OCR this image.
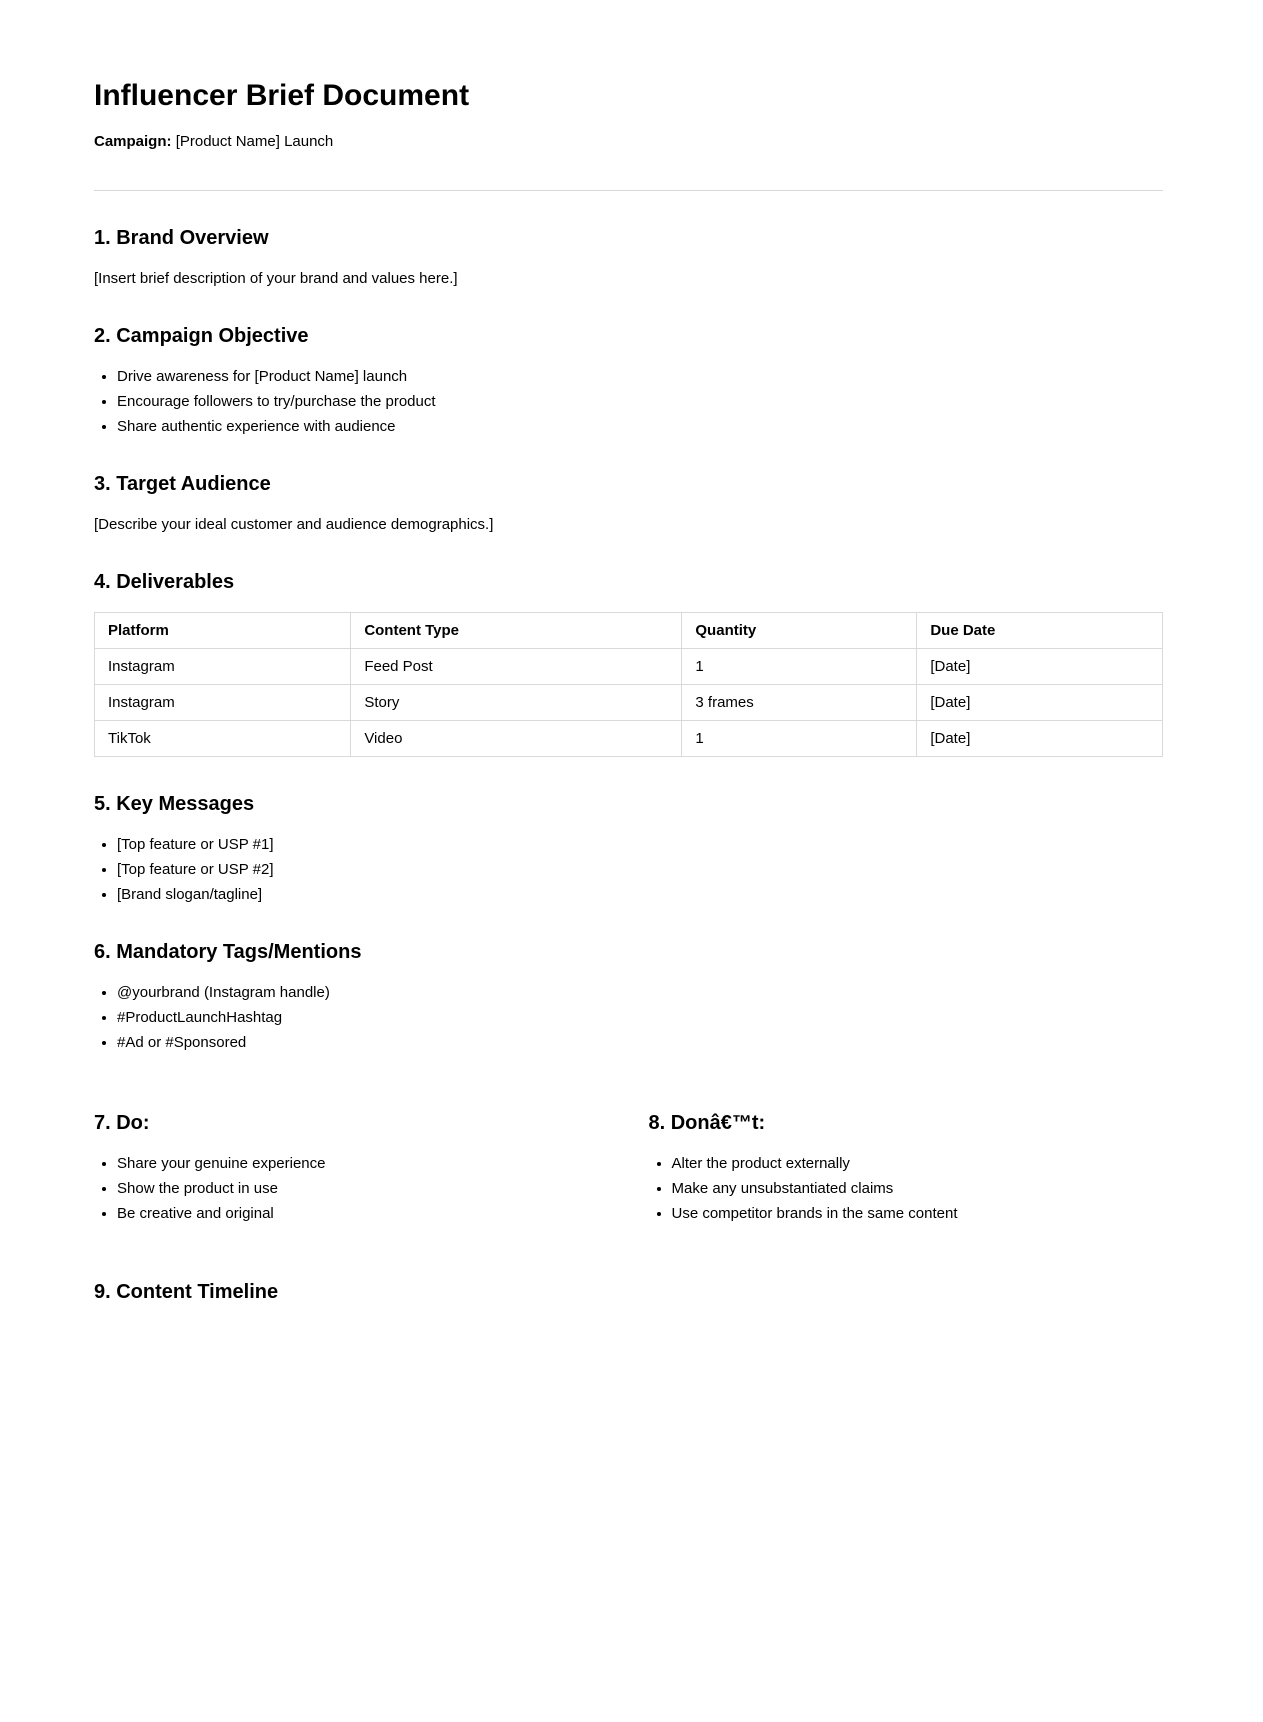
Influencer Brief Document

Campaign: [Product Name] Launch

1. Brand Overview

[Insert brief description of your brand and values here.]

2. Campaign Objective
• Drive awareness for [Product Name] launch
• Encourage followers to try/purchase the product
• Share authentic experience with audience
3. Target Audience

[Describe your ideal customer and audience demographics.]

4. Deliverables
Platform	Content Type	Quantity	Due Date
Instagram	Feed Post	1	[Date]
Instagram	Story	3 frames	[Date]
TikTok	Video	1	[Date]
5. Key Messages
• [Top feature or USP #1]
• [Top feature or USP #2]
• [Brand slogan/tagline]
6. Mandatory Tags/Mentions
• @yourbrand (Instagram handle)
• #ProductLaunchHashtag
• #Ad or #Sponsored
7. Do:
• Share your genuine experience
• Show the product in use
• Be creative and original
8. Donâ€™t:
• Alter the product externally
• Make any unsubstantiated claims
• Use competitor brands in the same content
9. Content Timeline
